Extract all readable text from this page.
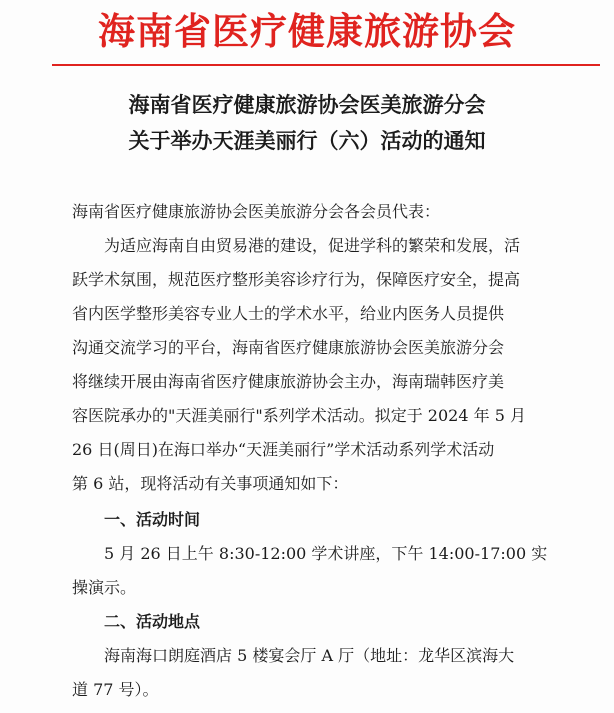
海南省医疗健康旅游协会
海南省医疗健康旅游协会医美旅游分会
关于举办天涯美丽行（六）活动的通知
海南省医疗健康旅游协会医美旅游分会各会员代表：
为适应海南自由贸易港的建设，促进学科的繁荣和发展，活
跃学术氛围，规范医疗整形美容诊疗行为，保障医疗安全，提高
省内医学整形美容专业人士的学术水平，给业内医务人员提供
沟通交流学习的平台，海南省医疗健康旅游协会医美旅游分会
将继续开展由海南省医疗健康旅游协会主办，海南瑞韩医疗美
容医院承办的"天涯美丽行"系列学术活动。拟定于 2024 年 5 月
26 日(周日)在海口举办“天涯美丽行”学术活动系列学术活动
第 6 站，现将活动有关事项通知如下：
一、活动时间
5 月 26 日上午 8:30-12:00 学术讲座，下午 14:00-17:00 实
操演示。
二、活动地点
海南海口朗庭酒店 5 楼宴会厅 A 厅（地址：龙华区滨海大
道 77 号）。
